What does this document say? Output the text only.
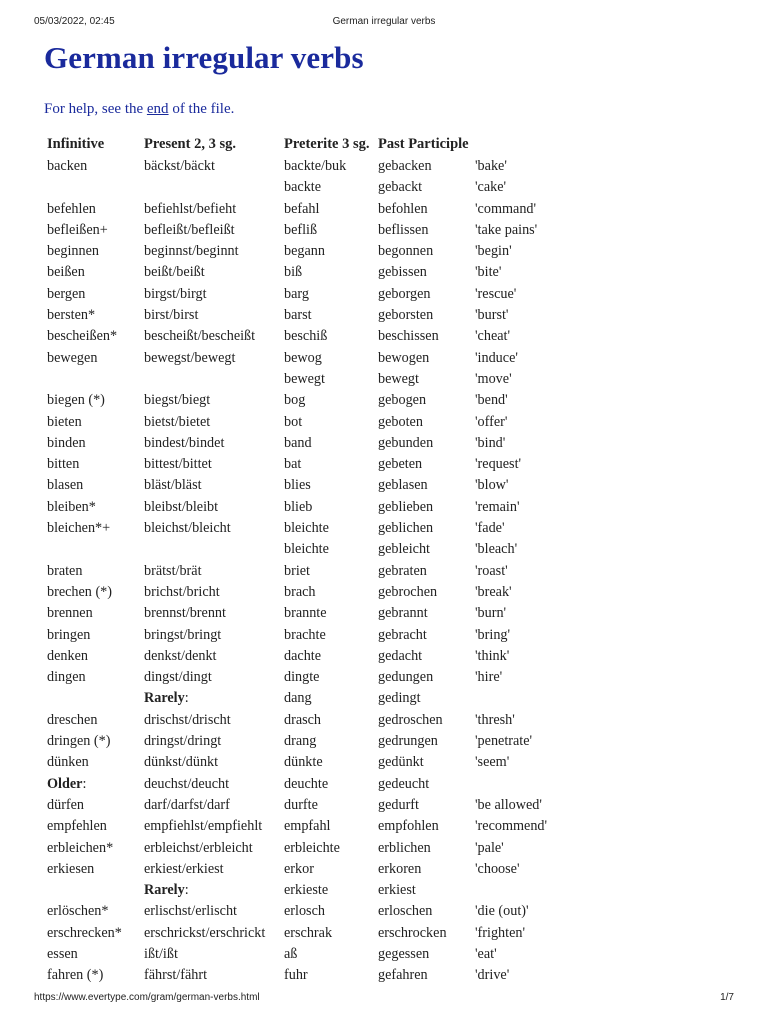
05/03/2022, 02:45	German irregular verbs
German irregular verbs
For help, see the end of the file.
Infinitive	Present 2, 3 sg.	Preterite 3 sg.	Past Participle	
backen	bäckst/bäckt	backte/buk	gebacken	'bake'
		backte	gebackt	'cake'
befehlen	befiehlst/befieht	befahl	befohlen	'command'
befleißen+	befleißt/befleißt	befliß	beflissen	'take pains'
beginnen	beginnst/beginnt	begann	begonnen	'begin'
beißen	beißt/beißt	biß	gebissen	'bite'
bergen	birgst/birgt	barg	geborgen	'rescue'
bersten*	birst/birst	barst	geborsten	'burst'
bescheißen*	bescheißt/bescheißt	beschiß	beschissen	'cheat'
bewegen	bewegst/bewegt	bewog	bewogen	'induce'
		bewegt	bewegt	'move'
biegen (*)	biegst/biegt	bog	gebogen	'bend'
bieten	bietst/bietet	bot	geboten	'offer'
binden	bindest/bindet	band	gebunden	'bind'
bitten	bittest/bittet	bat	gebeten	'request'
blasen	bläst/bläst	blies	geblasen	'blow'
bleiben*	bleibst/bleibt	blieb	geblieben	'remain'
bleichen*+	bleichst/bleicht	bleichte	geblichen	'fade'
		bleichte	gebleicht	'bleach'
braten	brätst/brät	briet	gebraten	'roast'
brechen (*)	brichst/bricht	brach	gebrochen	'break'
brennen	brennst/brennt	brannte	gebrannt	'burn'
bringen	bringst/bringt	brachte	gebracht	'bring'
denken	denkst/denkt	dachte	gedacht	'think'
dingen	dingst/dingt	dingte	gedungen	'hire'
	Rarely:	dang	gedingt	
dreschen	drischst/drischt	drasch	gedroschen	'thresh'
dringen (*)	dringst/dringt	drang	gedrungen	'penetrate'
dünken	dünkst/dünkt	dünkte	gedünkt	'seem'
Older:	deuchst/deucht	deuchte	gedeucht	
dürfen	darf/darfst/darf	durfte	gedurft	'be allowed'
empfehlen	empfiehlst/empfiehlt	empfahl	empfohlen	'recommend'
erbleichen*	erbleichst/erbleicht	erbleichte	erblichen	'pale'
erkiesen	erkiest/erkiest	erkor	erkoren	'choose'
	Rarely:	erkieste	erkiest	
erlöschen*	erlischst/erlischt	erlosch	erloschen	'die (out)'
erschrecken*	erschrickst/erschrickt	erschrak	erschrocken	'frighten'
essen	ißt/ißt	aß	gegessen	'eat'
fahren (*)	fährst/fährt	fuhr	gefahren	'drive'
https://www.evertype.com/gram/german-verbs.html	1/7
